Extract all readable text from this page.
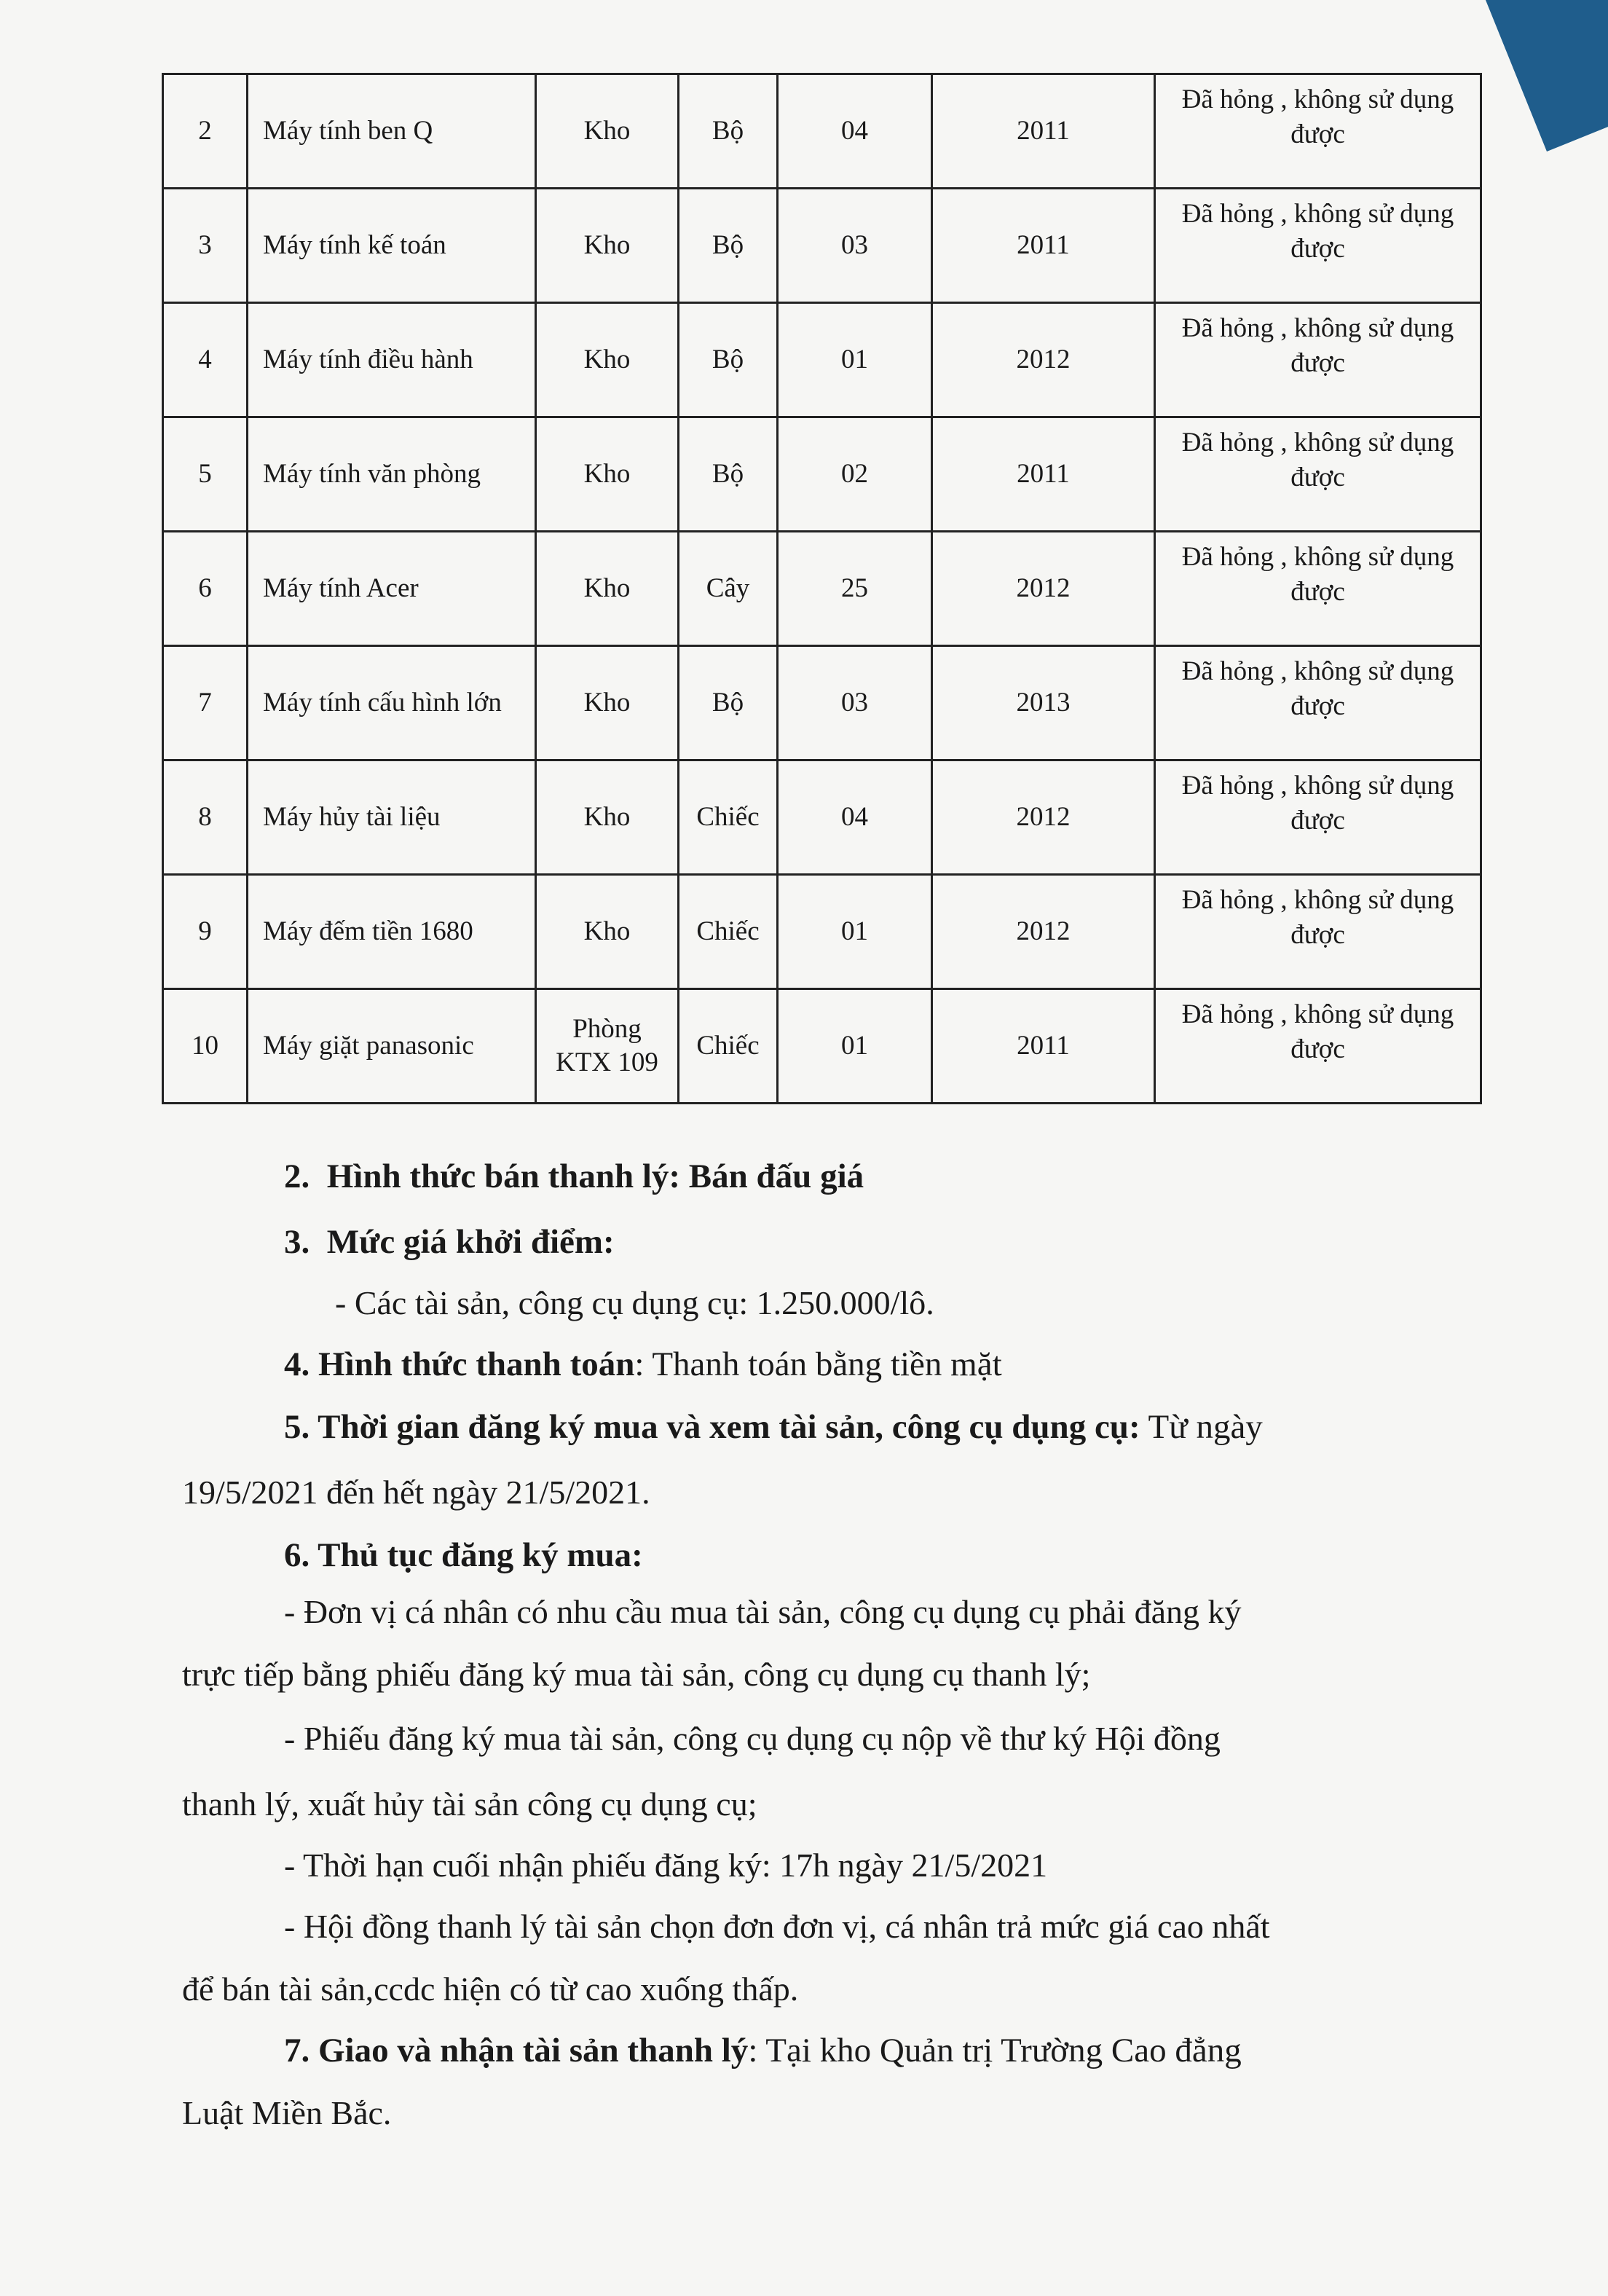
2	Máy tính ben Q	Kho	Bộ	04	2011	Đã hỏng , không sử dụng được
3	Máy tính kế toán	Kho	Bộ	03	2011	Đã hỏng , không sử dụng được
4	Máy tính điều hành	Kho	Bộ	01	2012	Đã hỏng , không sử dụng được
5	Máy tính văn phòng	Kho	Bộ	02	2011	Đã hỏng , không sử dụng được
6	Máy tính Acer	Kho	Cây	25	2012	Đã hỏng , không sử dụng được
7	Máy tính cấu hình lớn	Kho	Bộ	03	2013	Đã hỏng , không sử dụng được
8	Máy hủy tài liệu	Kho	Chiếc	04	2012	Đã hỏng , không sử dụng được
9	Máy đếm tiền 1680	Kho	Chiếc	01	2012	Đã hỏng , không sử dụng được
10	Máy giặt panasonic	Phòng KTX 109	Chiếc	01	2011	Đã hỏng , không sử dụng được
2.  Hình thức bán thanh lý: Bán đấu giá
3.  Mức giá khởi điểm:
- Các tài sản, công cụ dụng cụ: 1.250.000/lô.
4. Hình thức thanh toán: Thanh toán bằng tiền mặt
5. Thời gian đăng ký mua và xem tài sản, công cụ dụng cụ: Từ ngày
19/5/2021 đến hết ngày 21/5/2021.
6. Thủ tục đăng ký mua:
- Đơn vị cá nhân có nhu cầu mua tài sản, công cụ dụng cụ phải đăng ký
trực tiếp bằng phiếu đăng ký mua tài sản, công cụ dụng cụ thanh lý;
- Phiếu đăng ký mua tài sản, công cụ dụng cụ nộp về thư ký Hội đồng
thanh lý, xuất hủy tài sản công cụ dụng cụ;
- Thời hạn cuối nhận phiếu đăng ký: 17h ngày 21/5/2021
- Hội đồng thanh lý tài sản chọn đơn đơn vị, cá nhân trả mức giá cao nhất
để bán tài sản,ccdc hiện có từ cao xuống thấp.
7. Giao và nhận tài sản thanh lý: Tại kho Quản trị Trường Cao đẳng
Luật Miền Bắc.
